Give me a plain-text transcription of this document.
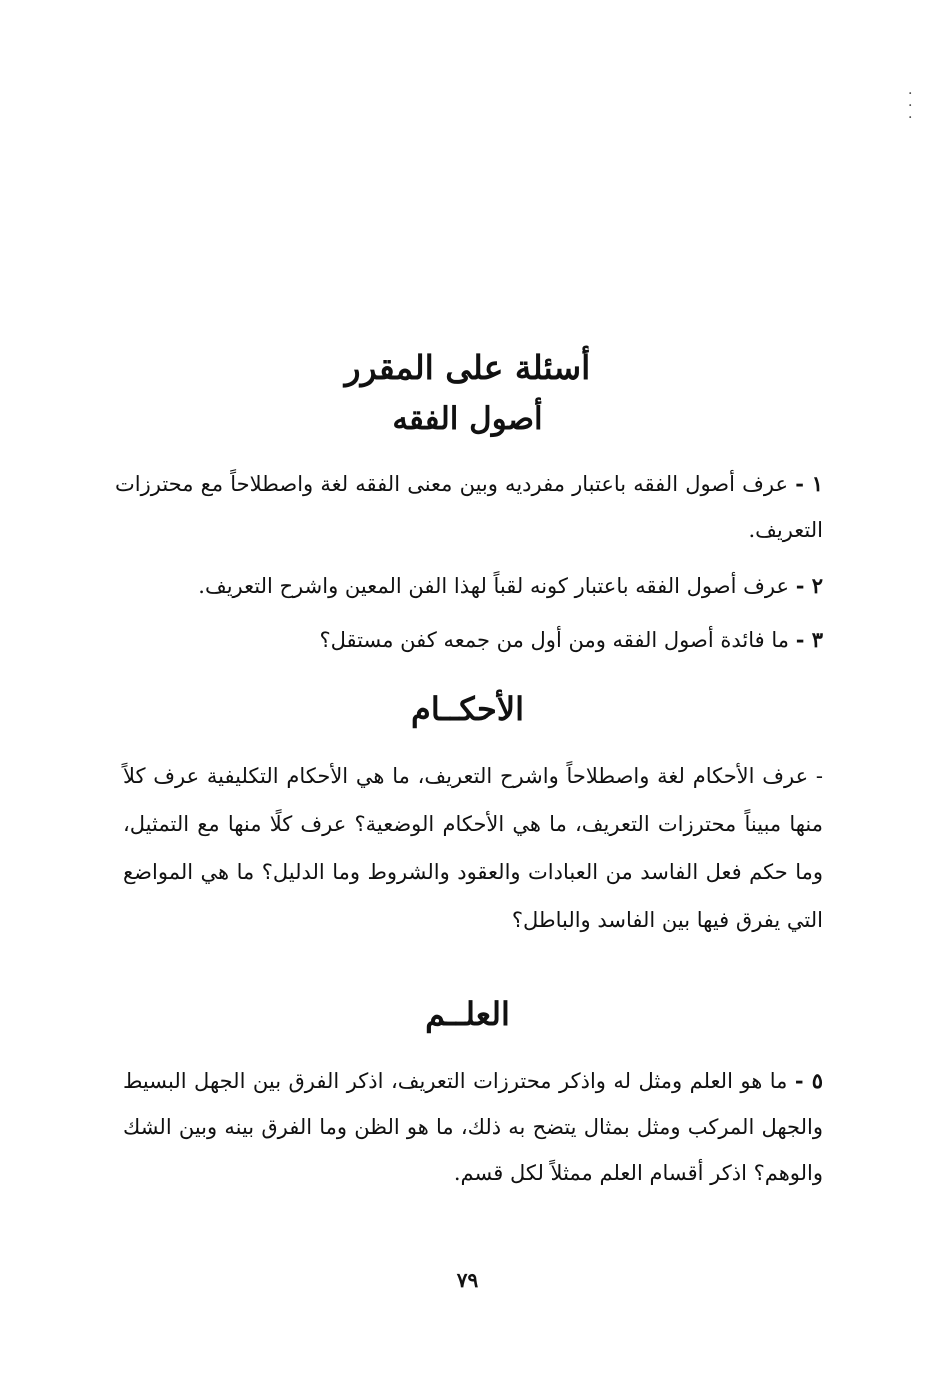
·
·
·

أسئلة على المقرر

أصول الفقه

١ - عرف أصول الفقه باعتبار مفرديه وبين معنى الفقه لغة واصطلاحاً مع محترزات التعريف.
٢ - عرف أصول الفقه باعتبار كونه لقباً لهذا الفن المعين واشرح التعريف.
٣ - ما فائدة أصول الفقه ومن أول من جمعه كفن مستقل؟
الأحكــام
- عرف الأحكام لغة واصطلاحاً واشرح التعريف، ما هي الأحكام التكليفية عرف كلاً منها مبيناً محترزات التعريف، ما هي الأحكام الوضعية؟ عرف كلًا منها مع التمثيل، وما حكم فعل الفاسد من العبادات والعقود والشروط وما الدليل؟ ما هي المواضع التي يفرق فيها بين الفاسد والباطل؟
العلــم
٥ - ما هو العلم ومثل له واذكر محترزات التعريف، اذكر الفرق بين الجهل البسيط والجهل المركب ومثل بمثال يتضح به ذلك، ما هو الظن وما الفرق بينه وبين الشك والوهم؟ اذكر أقسام العلم ممثلاً لكل قسم.
٧٩
